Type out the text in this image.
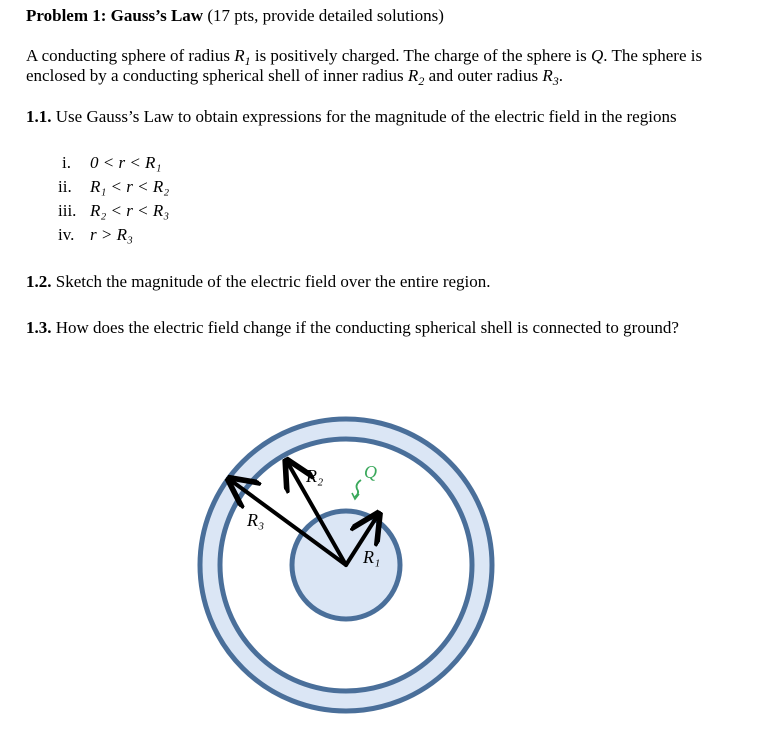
Problem 1: Gauss’s Law (17 pts, provide detailed solutions)
A conducting sphere of radius $R_1$ is positively charged. The charge of the sphere is Q. The sphere is
enclosed by a conducting spherical shell of inner radius $R_2$ and outer radius $R_3$.
1.1. Use Gauss’s Law to obtain expressions for the magnitude of the electric field in the regions
i. 0 < r < R₁
ii. R₁ < r < R₂
iii. R₂ < r < R₃
iv. r > R₃
1.2. Sketch the magnitude of the electric field over the entire region.
1.3. How does the electric field change if the conducting spherical shell is connected to ground?
R₂ Q
R₃
R₁
